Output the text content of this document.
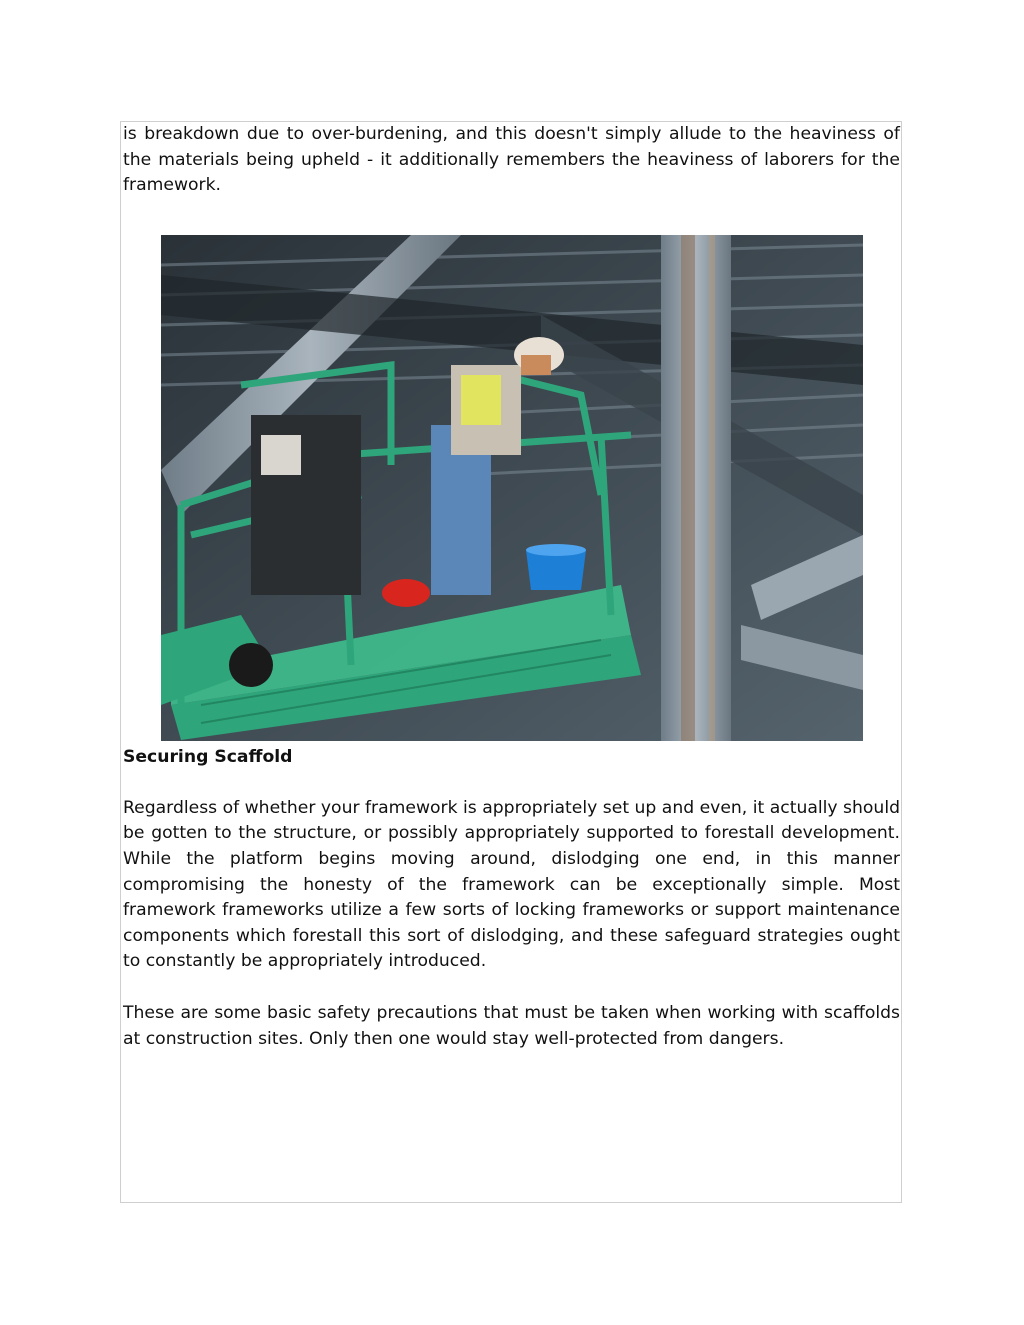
is breakdown due to over-burdening, and this doesn't simply allude to the heaviness of the materials being upheld - it additionally remembers the heaviness of laborers for the framework.

Securing Scaffold

Regardless of whether your framework is appropriately set up and even, it actually should be gotten to the structure, or possibly appropriately supported to forestall development. While the platform begins moving around, dislodging one end, in this manner compromising the honesty of the framework can be exceptionally simple. Most framework frameworks utilize a few sorts of locking frameworks or support maintenance components which forestall this sort of dislodging, and these safeguard strategies ought to constantly be appropriately introduced.

These are some basic safety precautions that must be taken when working with scaffolds at construction sites. Only then one would stay well-protected from dangers.
